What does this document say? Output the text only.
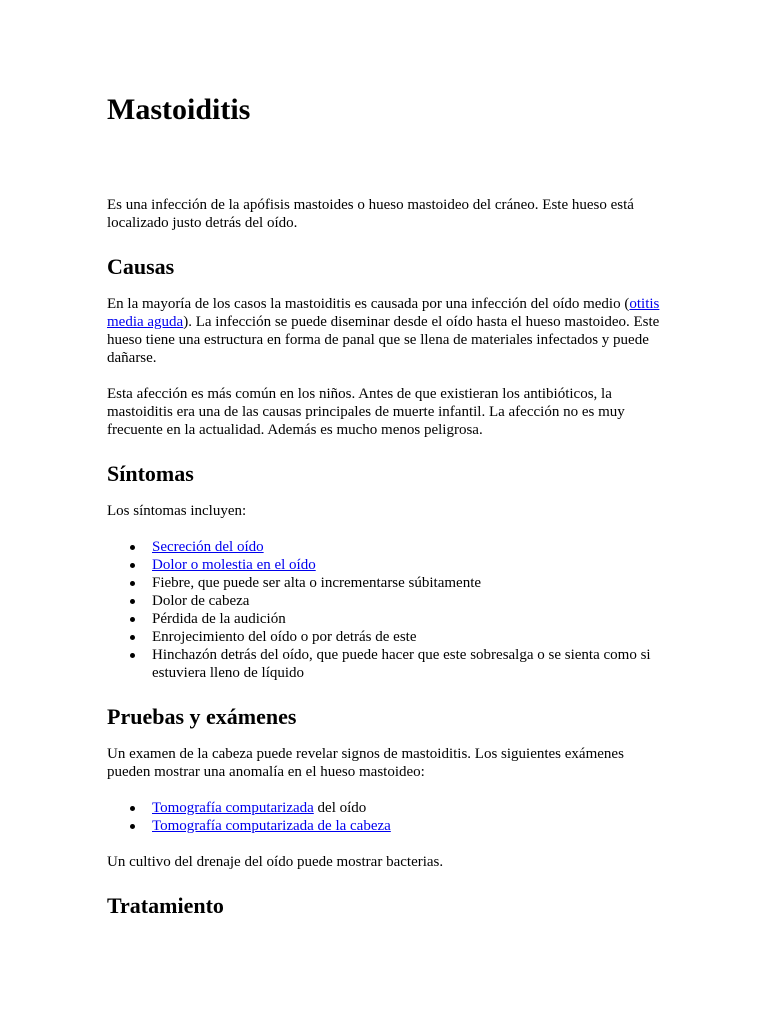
Mastoiditis

Es una infección de la apófisis mastoides o hueso mastoideo del cráneo. Este hueso está localizado justo detrás del oído.

Causas

En la mayoría de los casos la mastoiditis es causada por una infección del oído medio (otitis media aguda). La infección se puede diseminar desde el oído hasta el hueso mastoideo. Este hueso tiene una estructura en forma de panal que se llena de materiales infectados y puede dañarse.

Esta afección es más común en los niños. Antes de que existieran los antibióticos, la mastoiditis era una de las causas principales de muerte infantil. La afección no es muy frecuente en la actualidad. Además es mucho menos peligrosa.

Síntomas

Los síntomas incluyen:

Secreción del oído
Dolor o molestia en el oído
Fiebre, que puede ser alta o incrementarse súbitamente
Dolor de cabeza
Pérdida de la audición
Enrojecimiento del oído o por detrás de este
Hinchazón detrás del oído, que puede hacer que este sobresalga o se sienta como si estuviera lleno de líquido
Pruebas y exámenes

Un examen de la cabeza puede revelar signos de mastoiditis. Los siguientes exámenes pueden mostrar una anomalía en el hueso mastoideo:

Tomografía computarizada del oído
Tomografía computarizada de la cabeza

Un cultivo del drenaje del oído puede mostrar bacterias.

Tratamiento
